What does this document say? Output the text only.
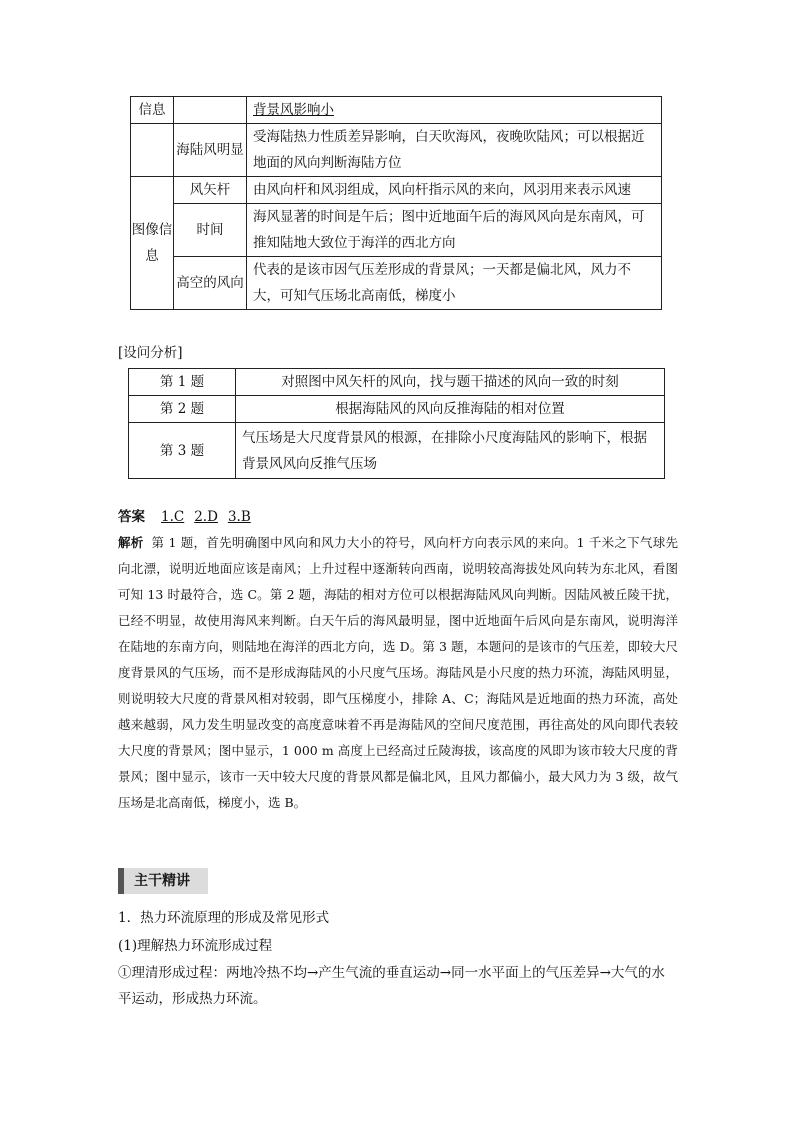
信息		背景风影响小
	海陆风明显	受海陆热力性质差异影响，白天吹海风，夜晚吹陆风；可以根据近地面的风向判断海陆方位
图像信息	风矢杆	由风向杆和风羽组成，风向杆指示风的来向，风羽用来表示风速
	时间	海风显著的时间是午后；图中近地面午后的海风风向是东南风，可推知陆地大致位于海洋的西北方向
	高空的风向	代表的是该市因气压差形成的背景风；一天都是偏北风，风力不大，可知气压场北高南低，梯度小
[设问分析]
第 1 题	对照图中风矢杆的风向，找与题干描述的风向一致的时刻
第 2 题	根据海陆风的风向反推海陆的相对位置
第 3 题	气压场是大尺度背景风的根源，在排除小尺度海陆风的影响下，根据背景风风向反推气压场
答案 1.C 2.D 3.B
解析 第 1 题，首先明确图中风向和风力大小的符号，风向杆方向表示风的来向。1 千米之下气球先向北漂，说明近地面应该是南风；上升过程中逐渐转向西南，说明较高海拔处风向转为东北风，看图可知 13 时最符合，选 C。第 2 题，海陆的相对方位可以根据海陆风风向判断。因陆风被丘陵干扰，已经不明显，故使用海风来判断。白天午后的海风最明显，图中近地面午后风向是东南风，说明海洋在陆地的东南方向，则陆地在海洋的西北方向，选 D。第 3 题，本题问的是该市的气压差，即较大尺度背景风的气压场，而不是形成海陆风的小尺度气压场。海陆风是小尺度的热力环流，海陆风明显，则说明较大尺度的背景风相对较弱，即气压梯度小，排除 A、C；海陆风是近地面的热力环流，高处越来越弱，风力发生明显改变的高度意味着不再是海陆风的空间尺度范围，再往高处的风向即代表较大尺度的背景风；图中显示，1 000 m 高度上已经高过丘陵海拔，该高度的风即为该市较大尺度的背景风；图中显示，该市一天中较大尺度的背景风都是偏北风，且风力都偏小，最大风力为 3 级，故气压场是北高南低，梯度小，选 B。
主干精讲
1．热力环流原理的形成及常见形式
(1)理解热力环流形成过程
①理清形成过程：两地冷热不均→产生气流的垂直运动→同一水平面上的气压差异→大气的水平运动，形成热力环流。
